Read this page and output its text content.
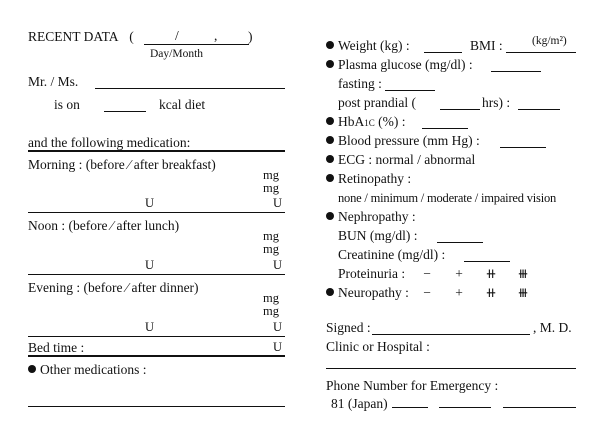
RECENT DATA (	/	, )
Day/Month
Mr. / Ms.
is on	kcal diet
and the following medication:
Morning : (before ⁄ after breakfast)
mg
mg
U	U
Noon : (before ⁄ after lunch)
mg
mg
U	U
Evening : (before ⁄ after dinner)
mg
mg
U	U
Bed time :	U
Other medications :
Weight (kg) :	BMI :	(kg/m²)
Plasma glucose (mg/dl) :
fasting :
post prandial (	hrs) :
HbA1C (%) :
Blood pressure (mm Hg) :
ECG : normal / abnormal
Retinopathy :
none / minimum / moderate / impaired vision
Nephropathy :
BUN (mg/dl) :
Creatinine (mg/dl) :
Proteinuria :	− + ⧺ ⧻
Neuropathy :	− + ⧺ ⧻
Signed :	, M. D.
Clinic or Hospital :
Phone Number for Emergency :
81 (Japan)
